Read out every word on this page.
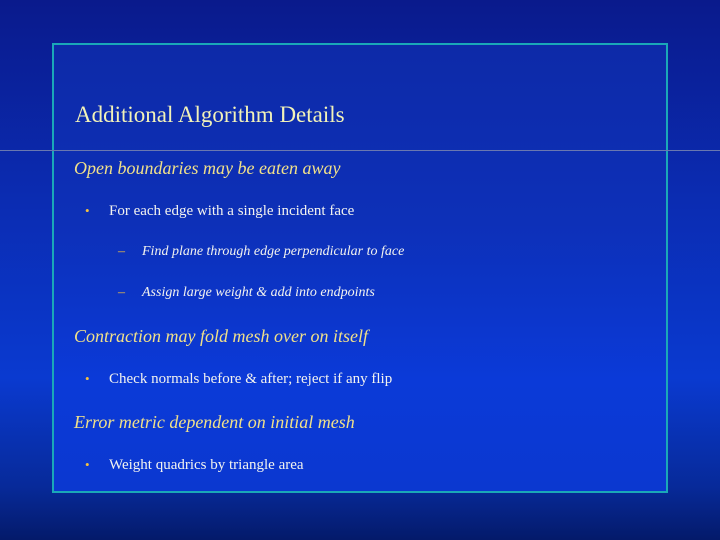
Additional Algorithm Details
Open boundaries may be eaten away
•	For each edge with a single incident face
–	Find plane through edge perpendicular to face
–	Assign large weight & add into endpoints
Contraction may fold mesh over on itself
•	Check normals before & after; reject if any flip
Error metric dependent on initial mesh
•	Weight quadrics by triangle area
